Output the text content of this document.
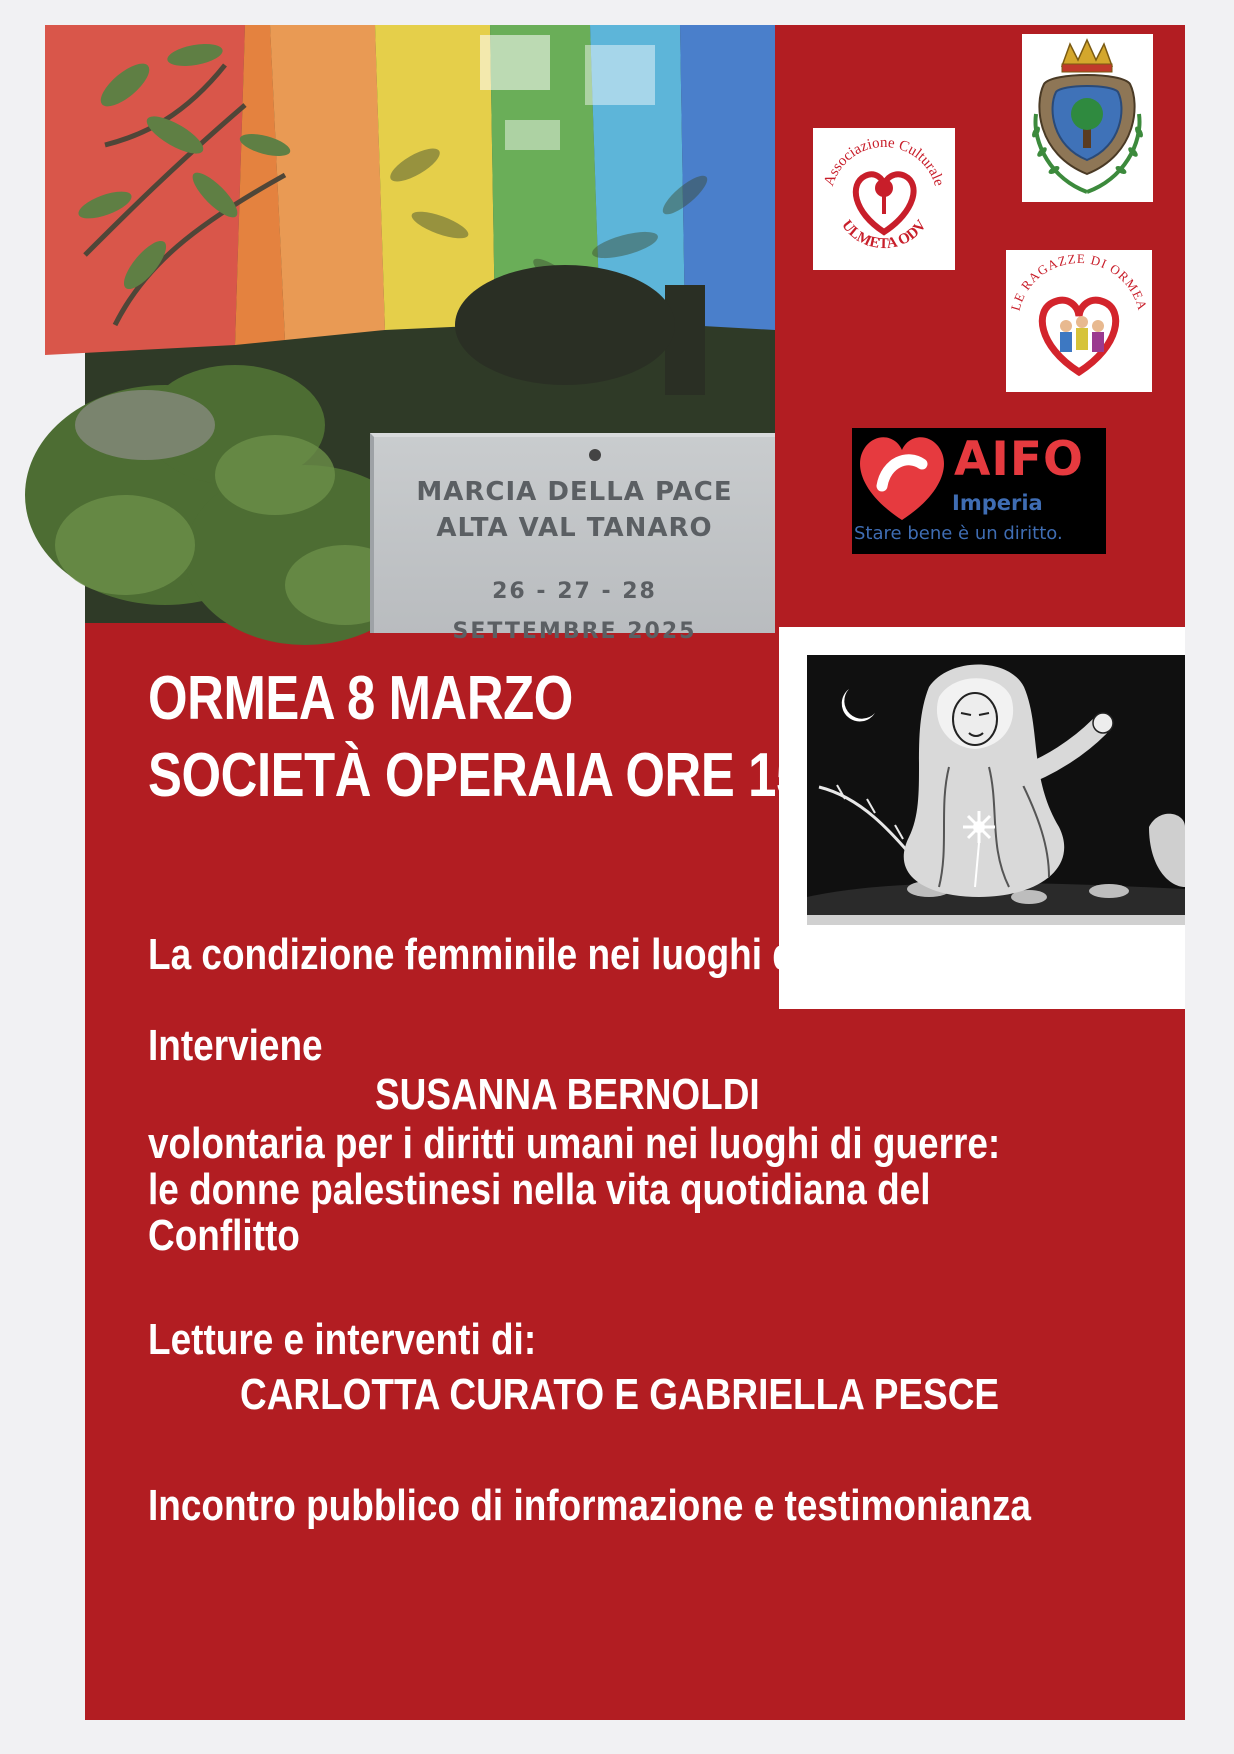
MARCIA DELLA PACE
ALTA VAL TANARO
26 - 27 - 28
SETTEMBRE 2025
Associazione Culturale
ULMETA ODV
LE RAGAZZE DI ORMEA
AIFO
Imperia
Stare bene è un diritto.
ORMEA 8 MARZO
SOCIETÀ OPERAIA ORE 15
La condizione femminile nei luoghi di guerra
Interviene
SUSANNA BERNOLDI
volontaria per i diritti umani nei luoghi di guerre:
le donne palestinesi nella vita quotidiana del
Conflitto
Letture e interventi di:
CARLOTTA CURATO E GABRIELLA PESCE
Incontro pubblico di informazione e testimonianza
